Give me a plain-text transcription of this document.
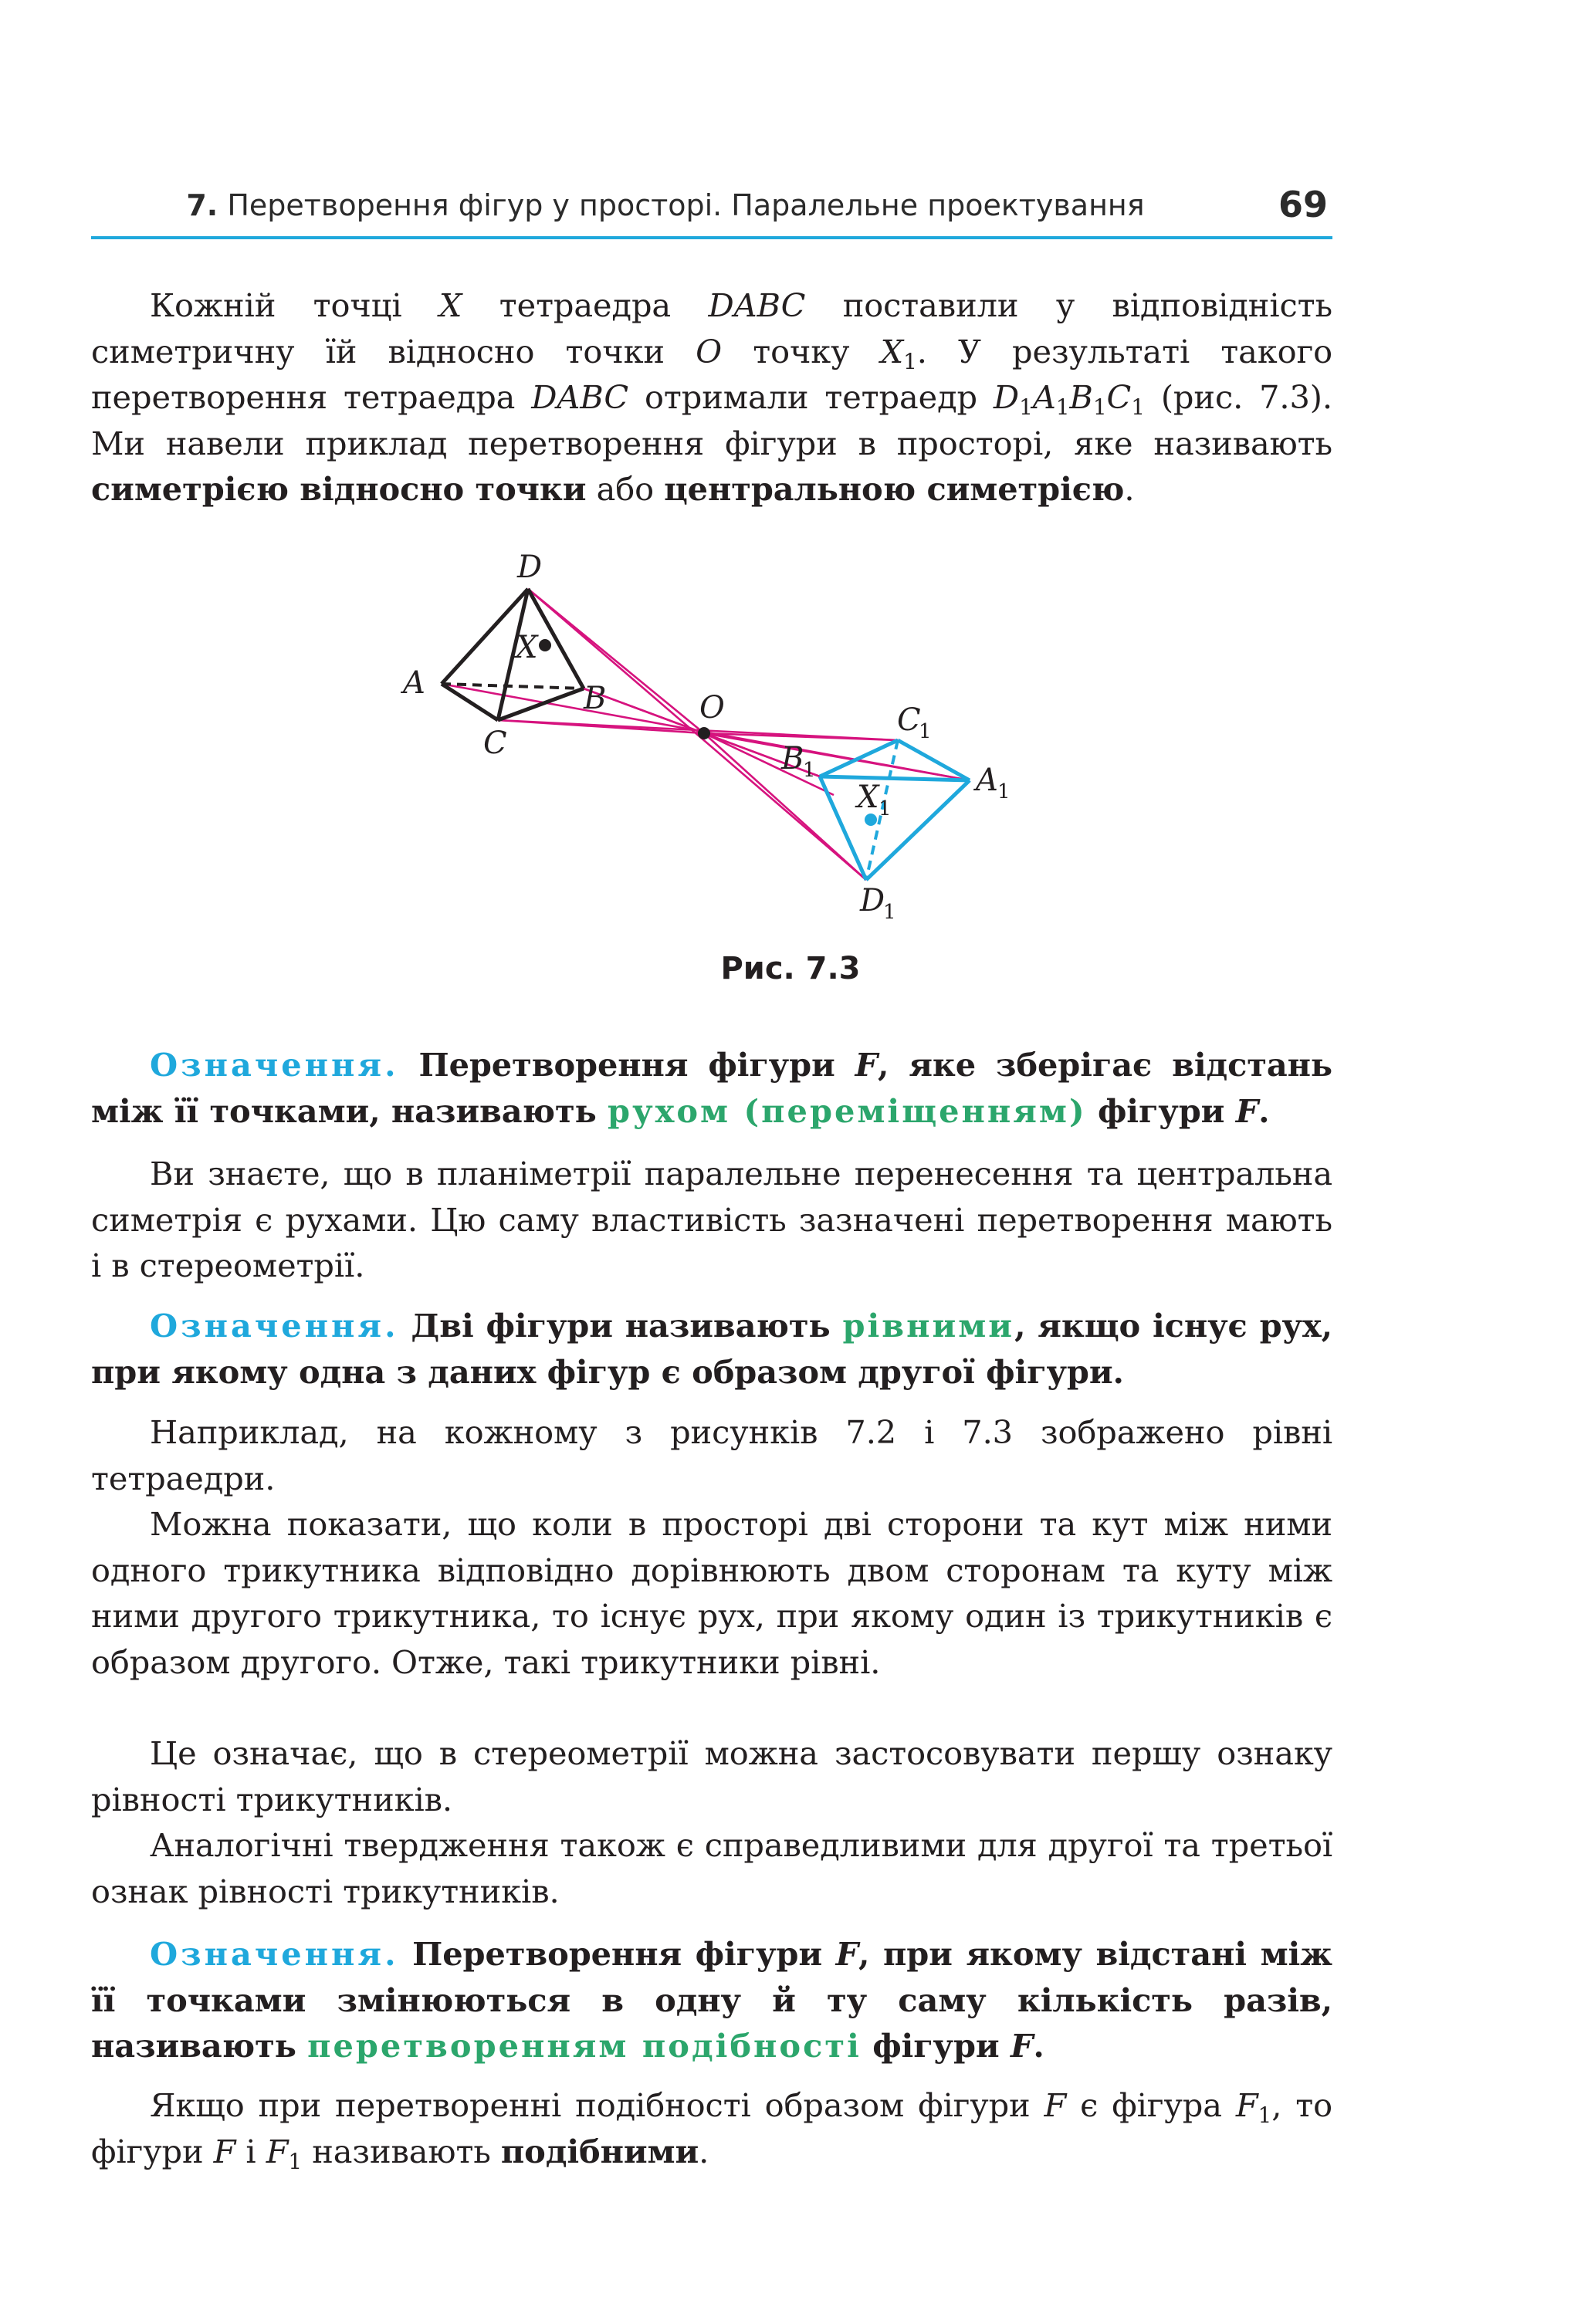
7. Перетворення фігур у просторі. Паралельне проектування	69

Кожній точці X тетраедра DABC поставили у відповідність симетричну їй відносно точки O точку $X_1$. У результаті такого перетворення тетраедра DABC отримали тетраедр $D_1A_1B_1C_1$ (рис. 7.3). Ми навели приклад перетворення фігури в просторі, яке називають симетрією відносно точки або центральною симетрією.

D
X
A	B
C
O	C
1
B
1	A 1
X 1
D
1
Рис. 7.3

Означення. Перетворення фігури F, яке зберігає відстань між її точками, називають рухом (переміщенням) фігури F.

Ви знаєте, що в планіметрії паралельне перенесення та центральна симетрія є рухами. Цю саму властивість зазначені перетворення мають і в стереометрії.

Означення. Дві фігури називають рівними, якщо існує рух, при якому одна з даних фігур є образом другої фігури.

Наприклад, на кожному з рисунків 7.2 і 7.3 зображено рівні тетраедри.

Можна показати, що коли в просторі дві сторони та кут між ними одного трикутника відповідно дорівнюють двом сторонам та куту між ними другого трикутника, то існує рух, при якому один із трикутників є образом другого. Отже, такі трикутники рівні.

Це означає, що в стереометрії можна застосовувати першу ознаку рівності трикутників.

Аналогічні твердження також є справедливими для другої та третьої ознак рівності трикутників.

Означення. Перетворення фігури F, при якому відстані між її точками змінюються в одну й ту саму кількість разів, називають перетворенням подібності фігури F.

Якщо при перетворенні подібності образом фігури F є фігура $F_1$, то фігури F і $F_1$ називають подібними.
